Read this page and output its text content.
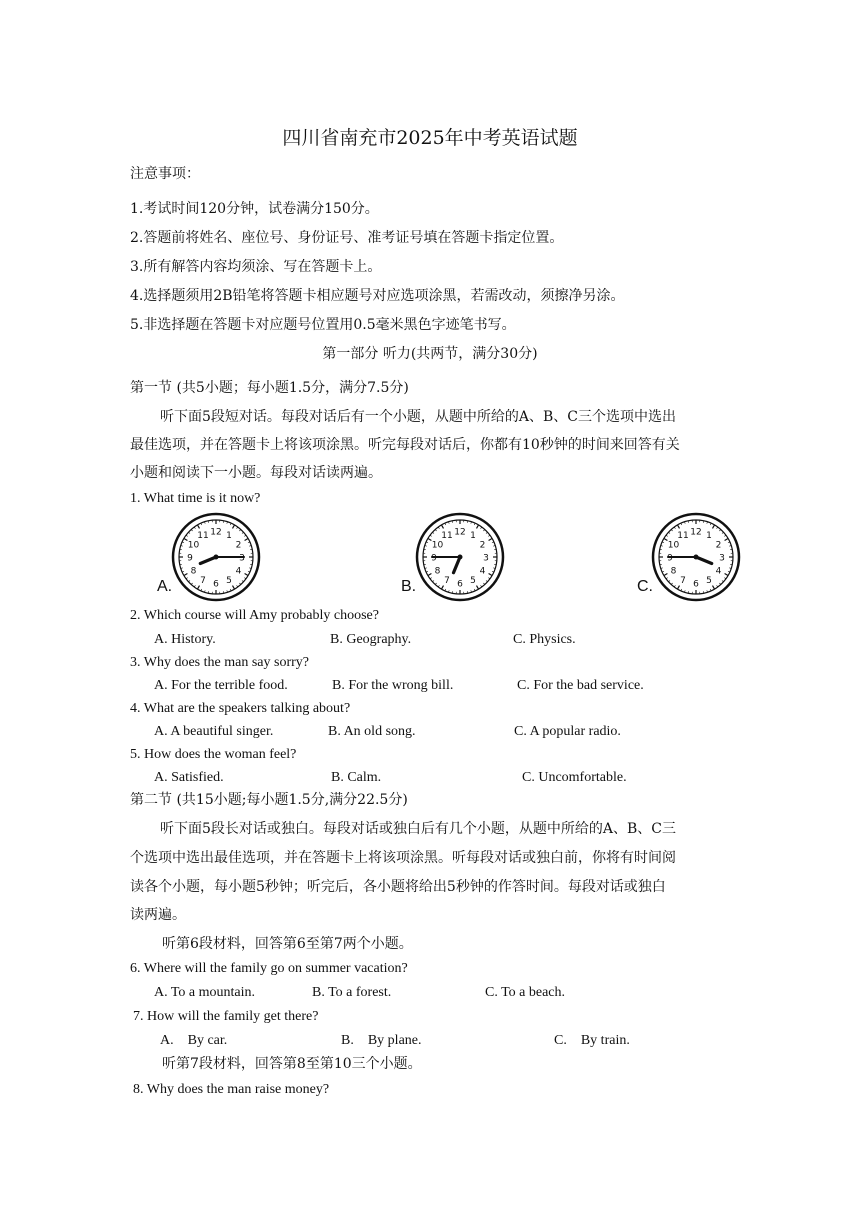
四川省南充市2025年中考英语试题
注意事项：
1.考试时间120分钟，试卷满分150分。
2.答题前将姓名、座位号、身份证号、准考证号填在答题卡指定位置。
3.所有解答内容均须涂、写在答题卡上。
4.选择题须用2B铅笔将答题卡相应题号对应选项涂黑，若需改动，须擦净另涂。
5.非选择题在答题卡对应题号位置用0.5毫米黑色字迹笔书写。
第一部分 听力(共两节，满分30分)
第一节 (共5小题；每小题1.5分，满分7.5分)
听下面5段短对话。每段对话后有一个小题，从题中所给的A、B、C三个选项中选出
最佳选项，并在答题卡上将该项涂黑。听完每段对话后，你都有10秒钟的时间来回答有关
小题和阅读下一小题。每段对话读两遍。
1. What time is it now?
1
2
3
4
5
6
7
8
9
10
11 12
A.
1
2
3
4
5
6
7
8
9
10
11 12
B.
1
2
3
4
5
6
7
8
9
10
11 12
C.
2. Which course will Amy probably choose?
A. History.	B. Geography.	C. Physics.
3. Why does the man say sorry?
A. For the terrible food.	B. For the wrong bill.	C. For the bad service.
4. What are the speakers talking about?
A. A beautiful singer.	B. An old song.	C. A popular radio.
5. How does the woman feel?
A. Satisfied.	B. Calm.	C. Uncomfortable.
第二节 (共15小题;每小题1.5分,满分22.5分)
听下面5段长对话或独白。每段对话或独白后有几个小题，从题中所给的A、B、C三
个选项中选出最佳选项，并在答题卡上将该项涂黑。听每段对话或独白前，你将有时间阅
读各个小题，每小题5秒钟；听完后，各小题将给出5秒钟的作答时间。每段对话或独白
读两遍。
听第6段材料，回答第6至第7两个小题。
6. Where will the family go on summer vacation?
A. To a mountain.	B. To a forest.	C. To a beach.
7. How will the family get there?
A.    By car.	B.    By plane.	C.    By train.
听第7段材料，回答第8至第10三个小题。
8. Why does the man raise money?
